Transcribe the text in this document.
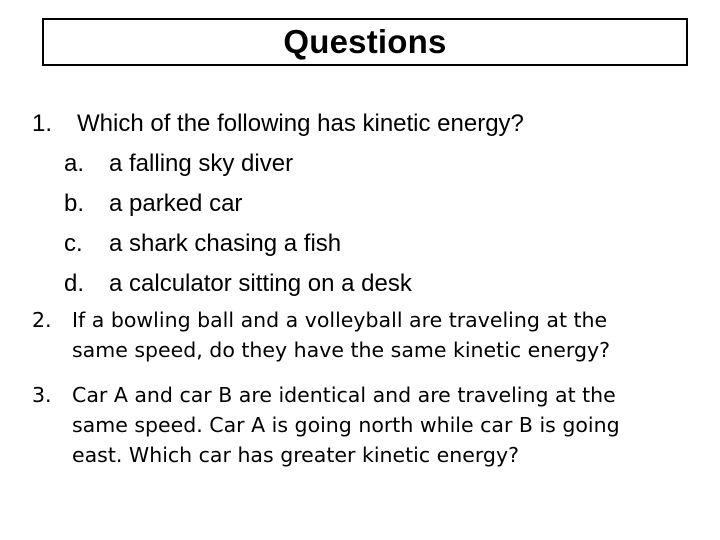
Questions
1. Which of the following has kinetic energy?
a. a falling sky diver
b. a parked car
c. a shark chasing a fish
d. a calculator sitting on a desk
2. If a bowling ball and a volleyball are traveling at the
same speed, do they have the same kinetic energy?
3. Car A and car B are identical and are traveling at the
same speed. Car A is going north while car B is going
east. Which car has greater kinetic energy?
